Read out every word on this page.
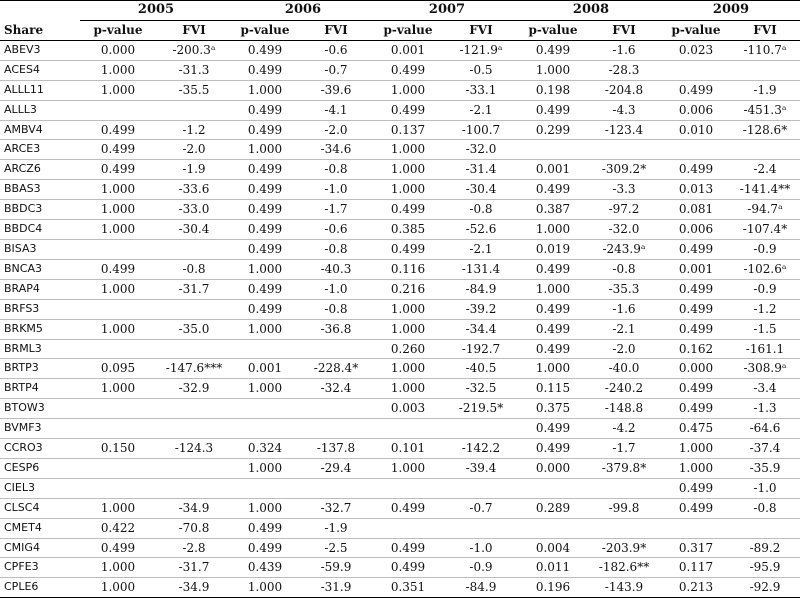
	2005		2006		2007		2008		2009	
Share	p-value	FVI	p-value	FVI	p-value	FVI	p-value	FVI	p-value	FVI
ABEV3	0.000	-200.3ᵃ	0.499	-0.6	0.001	-121.9ᵃ	0.499	-1.6	0.023	-110.7ᵃ
ACES4	1.000	-31.3	0.499	-0.7	0.499	-0.5	1.000	-28.3		
ALLL11	1.000	-35.5	1.000	-39.6	1.000	-33.1	0.198	-204.8	0.499	-1.9
ALLL3			0.499	-4.1	0.499	-2.1	0.499	-4.3	0.006	-451.3ᵃ
AMBV4	0.499	-1.2	0.499	-2.0	0.137	-100.7	0.299	-123.4	0.010	-128.6*
ARCE3	0.499	-2.0	1.000	-34.6	1.000	-32.0				
ARCZ6	0.499	-1.9	0.499	-0.8	1.000	-31.4	0.001	-309.2*	0.499	-2.4
BBAS3	1.000	-33.6	0.499	-1.0	1.000	-30.4	0.499	-3.3	0.013	-141.4**
BBDC3	1.000	-33.0	0.499	-1.7	0.499	-0.8	0.387	-97.2	0.081	-94.7ᵃ
BBDC4	1.000	-30.4	0.499	-0.6	0.385	-52.6	1.000	-32.0	0.006	-107.4*
BISA3			0.499	-0.8	0.499	-2.1	0.019	-243.9ᵃ	0.499	-0.9
BNCA3	0.499	-0.8	1.000	-40.3	0.116	-131.4	0.499	-0.8	0.001	-102.6ᵃ
BRAP4	1.000	-31.7	0.499	-1.0	0.216	-84.9	1.000	-35.3	0.499	-0.9
BRFS3			0.499	-0.8	1.000	-39.2	0.499	-1.6	0.499	-1.2
BRKM5	1.000	-35.0	1.000	-36.8	1.000	-34.4	0.499	-2.1	0.499	-1.5
BRML3					0.260	-192.7	0.499	-2.0	0.162	-161.1
BRTP3	0.095	-147.6***	0.001	-228.4*	1.000	-40.5	1.000	-40.0	0.000	-308.9ᵃ
BRTP4	1.000	-32.9	1.000	-32.4	1.000	-32.5	0.115	-240.2	0.499	-3.4
BTOW3					0.003	-219.5*	0.375	-148.8	0.499	-1.3
BVMF3							0.499	-4.2	0.475	-64.6
CCRO3	0.150	-124.3	0.324	-137.8	0.101	-142.2	0.499	-1.7	1.000	-37.4
CESP6			1.000	-29.4	1.000	-39.4	0.000	-379.8*	1.000	-35.9
CIEL3									0.499	-1.0
CLSC4	1.000	-34.9	1.000	-32.7	0.499	-0.7	0.289	-99.8	0.499	-0.8
CMET4	0.422	-70.8	0.499	-1.9						
CMIG4	0.499	-2.8	0.499	-2.5	0.499	-1.0	0.004	-203.9*	0.317	-89.2
CPFE3	1.000	-31.7	0.439	-59.9	0.499	-0.9	0.011	-182.6**	0.117	-95.9
CPLE6	1.000	-34.9	1.000	-31.9	0.351	-84.9	0.196	-143.9	0.213	-92.9
